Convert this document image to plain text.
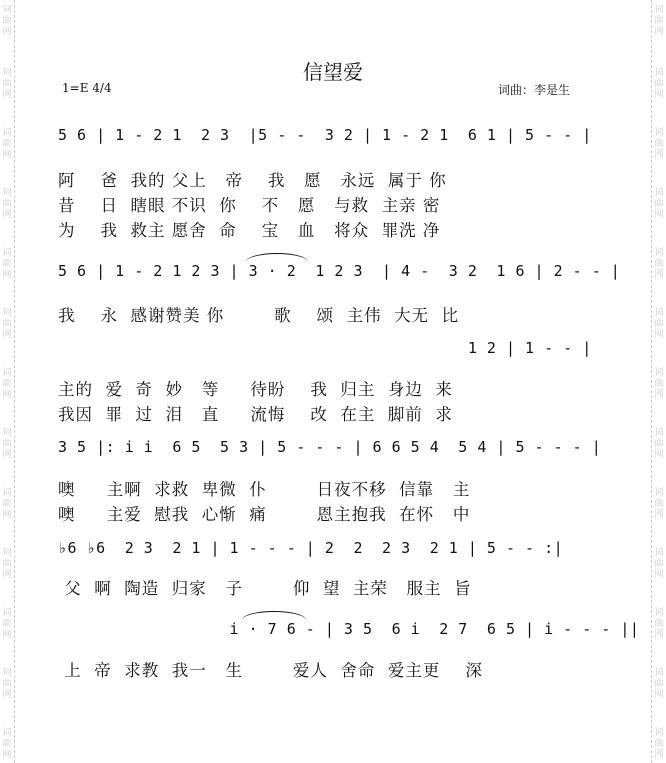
词
曲
网
词
曲
网
词
曲
网
词
曲
网
词
曲
网
词
曲
网
词
曲
网
词
曲
网
词
曲
网
词
曲
网
词
曲
网
词
曲
网
词
曲
网
词
曲
网
词
曲
网
词
曲
网
词
曲
网
词
曲
网
词
曲
网
词
曲
网
词
曲
网
词
曲
网
词
曲
网
词
曲
网
词
曲
网
词
曲
网
信望爱
1=E 4/4	词曲：李是生
5 6 | 1 - 2 1  2 3  |5 - -  3 2 | 1 - 2 1  6 1 | 5 - - |
阿    爸  我的 父上   帝    我   愿   永远  属于 你
昔    日  瞎眼 不识  你    不   愿   与救  主亲 密
为    我  救主 愿舍  命    宝   血   将众  罪洗 净
5 6 | 1 - 2 1 2 3 | 3 · 2  1 2 3  | 4 -  3 2  1 6 | 2 - - |
我    永  感谢赞美 你        歌    颂  主伟  大无  比
1 2 | 1 - - |
主的  爱  奇  妙   等     待盼    我  归主  身边  来
我因  罪  过  泪   直     流悔    改  在主  脚前  求
3 5 |: i i  6 5  5 3 | 5 - - - | 6 6 5 4  5 4 | 5 - - - |
噢     主啊  求救  卑微  仆        日夜不移  信靠   主
噢     主爱  慰我  心惭  痛        恩主抱我  在怀   中
♭6 ♭6  2 3  2 1 | 1 - - - | 2  2  2 3  2 1 | 5 - - :|
父  啊  陶造  归家   子        仰  望  主荣   服主  旨
i · 7 6 - | 3 5  6 i  2 7  6 5 | i - - - ||
上  帝  求教  我一   生        爱人  舍命  爱主更    深
